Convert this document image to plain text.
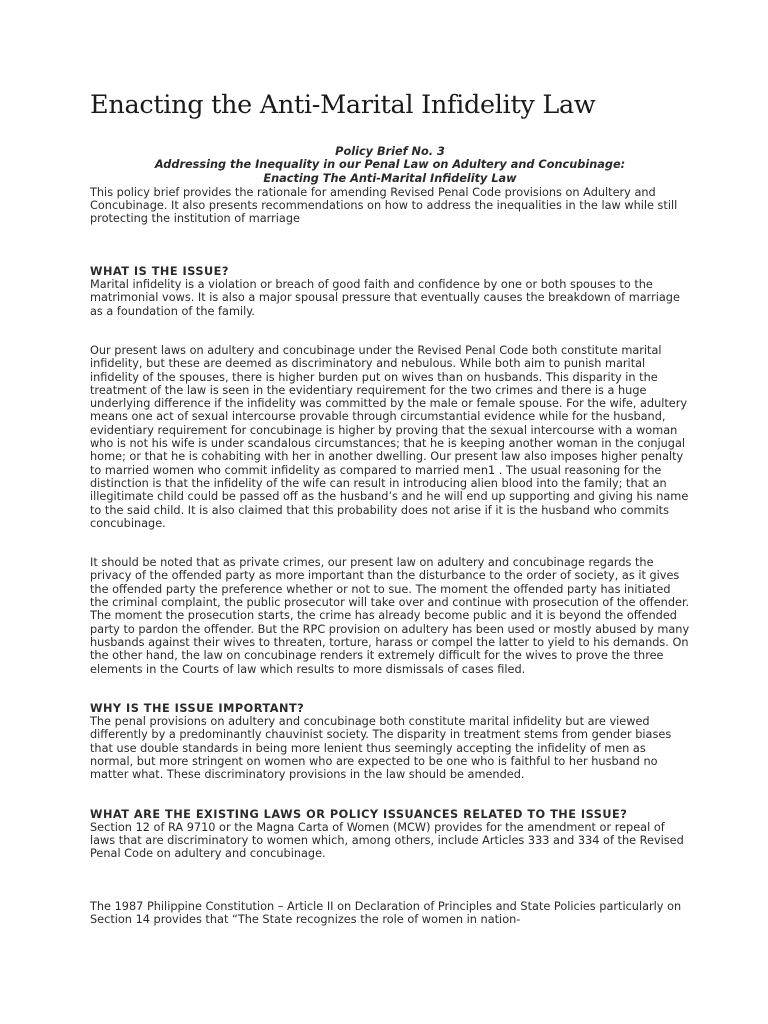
Enacting the Anti-Marital Infidelity Law
Policy Brief No. 3
Addressing the Inequality in our Penal Law on Adultery and Concubinage:
Enacting The Anti-Marital Infidelity Law

This policy brief provides the rationale for amending Revised Penal Code provisions on Adultery and Concubinage. It also presents recommendations on how to address the inequalities in the law while still protecting the institution of marriage

WHAT IS THE ISSUE?

Marital infidelity is a violation or breach of good faith and confidence by one or both spouses to the matrimonial vows. It is also a major spousal pressure that eventually causes the breakdown of marriage as a foundation of the family.

Our present laws on adultery and concubinage under the Revised Penal Code both constitute marital infidelity, but these are deemed as discriminatory and nebulous. While both aim to punish marital infidelity of the spouses, there is higher burden put on wives than on husbands. This disparity in the treatment of the law is seen in the evidentiary requirement for the two crimes and there is a huge underlying difference if the infidelity was committed by the male or female spouse. For the wife, adultery means one act of sexual intercourse provable through circumstantial evidence while for the husband, evidentiary requirement for concubinage is higher by proving that the sexual intercourse with a woman who is not his wife is under scandalous circumstances; that he is keeping another woman in the conjugal home; or that he is cohabiting with her in another dwelling. Our present law also imposes higher penalty to married women who commit infidelity as compared to married men1 . The usual reasoning for the distinction is that the infidelity of the wife can result in introducing alien blood into the family; that an illegitimate child could be passed off as the husband’s and he will end up supporting and giving his name to the said child. It is also claimed that this probability does not arise if it is the husband who commits concubinage.

It should be noted that as private crimes, our present law on adultery and concubinage regards the privacy of the offended party as more important than the disturbance to the order of society, as it gives the offended party the preference whether or not to sue. The moment the offended party has initiated the criminal complaint, the public prosecutor will take over and continue with prosecution of the offender. The moment the prosecution starts, the crime has already become public and it is beyond the offended party to pardon the offender. But the RPC provision on adultery has been used or mostly abused by many husbands against their wives to threaten, torture, harass or compel the latter to yield to his demands. On the other hand, the law on concubinage renders it extremely difficult for the wives to prove the three elements in the Courts of law which results to more dismissals of cases filed.

WHY IS THE ISSUE IMPORTANT?

The penal provisions on adultery and concubinage both constitute marital infidelity but are viewed differently by a predominantly chauvinist society. The disparity in treatment stems from gender biases that use double standards in being more lenient thus seemingly accepting the infidelity of men as normal, but more stringent on women who are expected to be one who is faithful to her husband no matter what. These discriminatory provisions in the law should be amended.

WHAT ARE THE EXISTING LAWS OR POLICY ISSUANCES RELATED TO THE ISSUE?

Section 12 of RA 9710 or the Magna Carta of Women (MCW) provides for the amendment or repeal of laws that are discriminatory to women which, among others, include Articles 333 and 334 of the Revised Penal Code on adultery and concubinage.

The 1987 Philippine Constitution – Article II on Declaration of Principles and State Policies particularly on Section 14 provides that “The State recognizes the role of women in nation-
